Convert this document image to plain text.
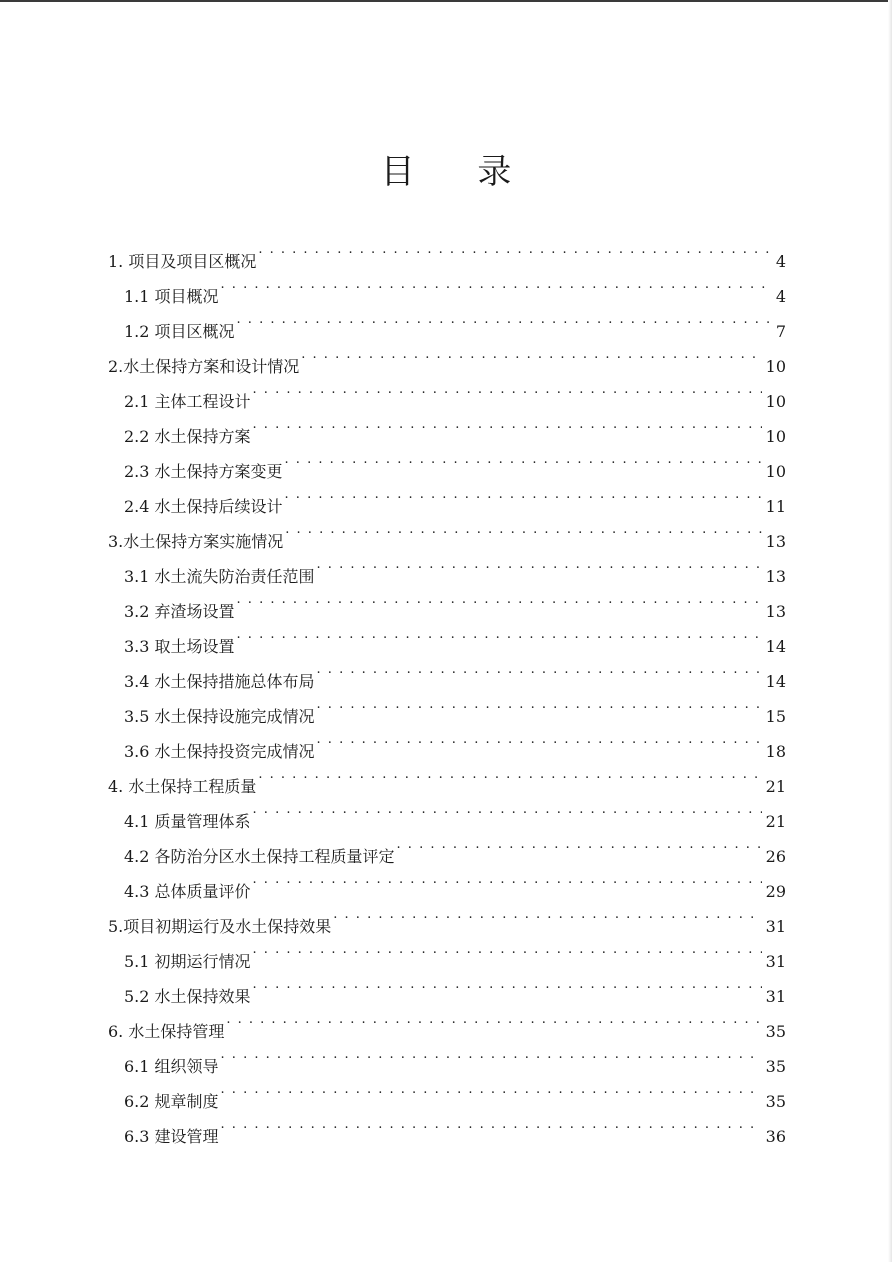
目 录
1. 项目及项目区概况 . . .	4
1.1 项目概况 . . .	4
1.2 项目区概况 . . .	7
2.水土保持方案和设计情况 . . .	10
2.1 主体工程设计 . . .	10
2.2 水土保持方案 . . .	10
2.3 水土保持方案变更 . . .	10
2.4 水土保持后续设计 . . .	11
3.水土保持方案实施情况 . . .	13
3.1 水土流失防治责任范围 . . .	13
3.2 弃渣场设置 . . .	13
3.3 取土场设置 . . .	14
3.4 水土保持措施总体布局 . . .	14
3.5 水土保持设施完成情况 . . .	15
3.6 水土保持投资完成情况 . . .	18
4. 水土保持工程质量 . . .	21
4.1 质量管理体系 . . .	21
4.2 各防治分区水土保持工程质量评定 . . .	26
4.3 总体质量评价 . . .	29
5.项目初期运行及水土保持效果 . . .	31
5.1 初期运行情况 . . .	31
5.2 水土保持效果 . . .	31
6. 水土保持管理 . . .	35
6.1 组织领导 . . .	35
6.2 规章制度 . . .	35
6.3 建设管理 . . .	36
